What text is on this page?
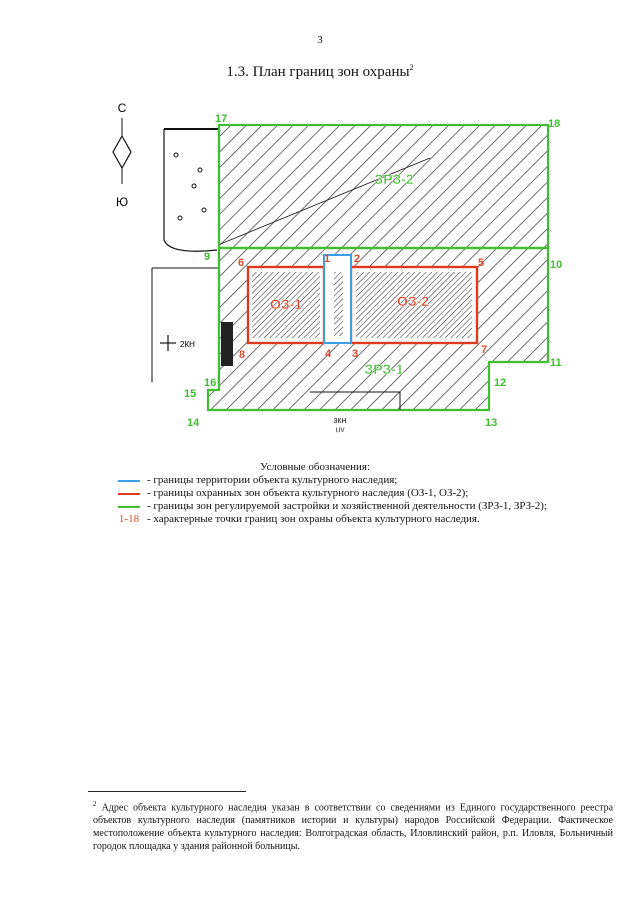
3
1.3. План границ зон охраны$^2$
С
Ю
ЗРЗ-2
ЗРЗ-1
ОЗ-1	ОЗ-2
2КН
3КН
I,IV
1 2
3
4
5
6
7
8
9
10
11
12
13
14
15
16
17	18
Условные обозначения:
- границы территории объекта культурного наследия;
- границы охранных зон объекта культурного наследия (ОЗ-1, ОЗ-2);
- границы зон регулируемой застройки и хозяйственной деятельности (ЗРЗ-1, ЗРЗ-2);
1-18 - характерные точки границ зон охраны объекта культурного наследия.
$^2$ Адрес объекта культурного наследия указан в соответствии со сведениями из Единого государственного реестра объектов культурного наследия (памятников истории и культуры) народов Российской Федерации. Фактическое местоположение объекта культурного наследия: Волгоградская область, Иловлинский район, р.п. Иловля, Больничный городок площадка у здания районной больницы.
